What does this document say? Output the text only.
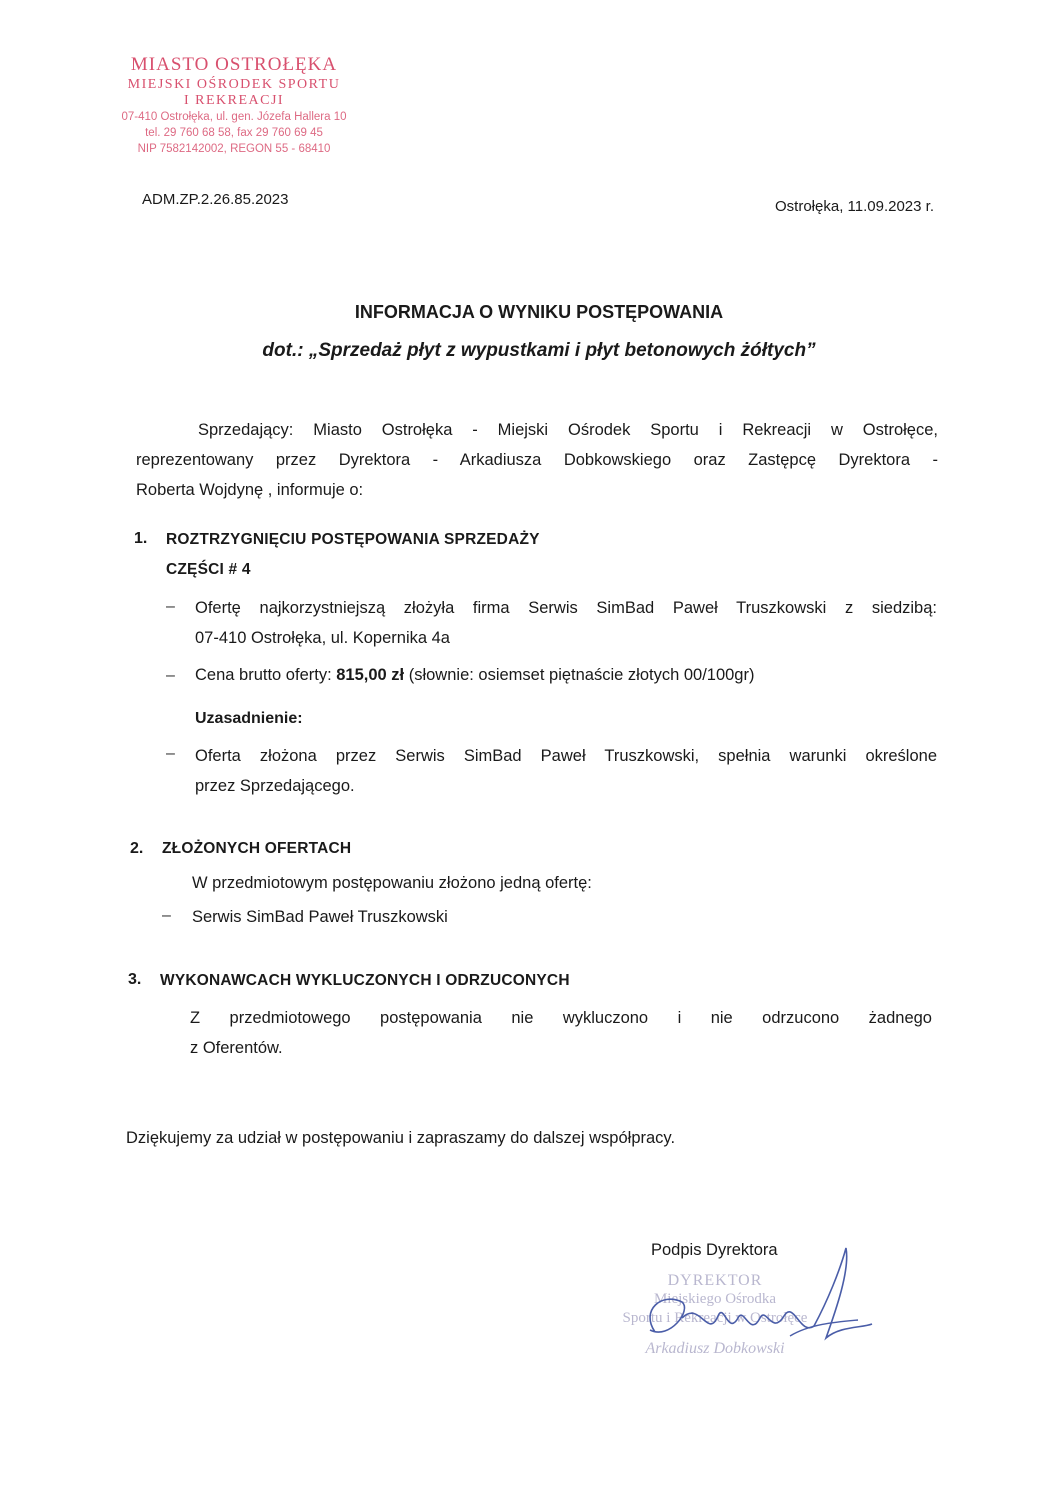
MIASTO OSTROŁĘKA
MIEJSKI OŚRODEK SPORTU
I REKREACJI
07-410 Ostrołęka, ul. gen. Józefa Hallera 10
tel. 29 760 68 58, fax 29 760 69 45
NIP 7582142002, REGON 55 - 68410
ADM.ZP.2.26.85.2023	Ostrołęka, 11.09.2023 r.
INFORMACJA O WYNIKU POSTĘPOWANIA
dot.: „Sprzedaż płyt z wypustkami i płyt betonowych żółtych”
Sprzedający: Miasto Ostrołęka - Miejski Ośrodek Sportu i Rekreacji w Ostrołęce,
reprezentowany przez Dyrektora - Arkadiusza Dobkowskiego oraz Zastępcę Dyrektora -
Roberta Wojdynę , informuje o:
1. ROZTRZYGNIĘCIU POSTĘPOWANIA SPRZEDAŻY
CZĘŚCI # 4
– Ofertę najkorzystniejszą złożyła firma Serwis SimBad Paweł Truszkowski z siedzibą:
07-410 Ostrołęka, ul. Kopernika 4a
– Cena brutto oferty: 815,00 zł (słownie: osiemset piętnaście złotych 00/100gr)
Uzasadnienie:
– Oferta złożona przez Serwis SimBad Paweł Truszkowski, spełnia warunki określone
przez Sprzedającego.
2. ZŁOŻONYCH OFERTACH
W przedmiotowym postępowaniu złożono jedną ofertę:
– Serwis SimBad Paweł Truszkowski
3. WYKONAWCACH WYKLUCZONYCH I ODRZUCONYCH
Z przedmiotowego postępowania nie wykluczono i nie odrzucono żadnego
z Oferentów.
Dziękujemy za udział w postępowaniu i zapraszamy do dalszej współpracy.
Podpis Dyrektora
DYREKTOR
Miejskiego Ośrodka
Sportu i Rekreacji w Ostrołęce
Arkadiusz Dobkowski
